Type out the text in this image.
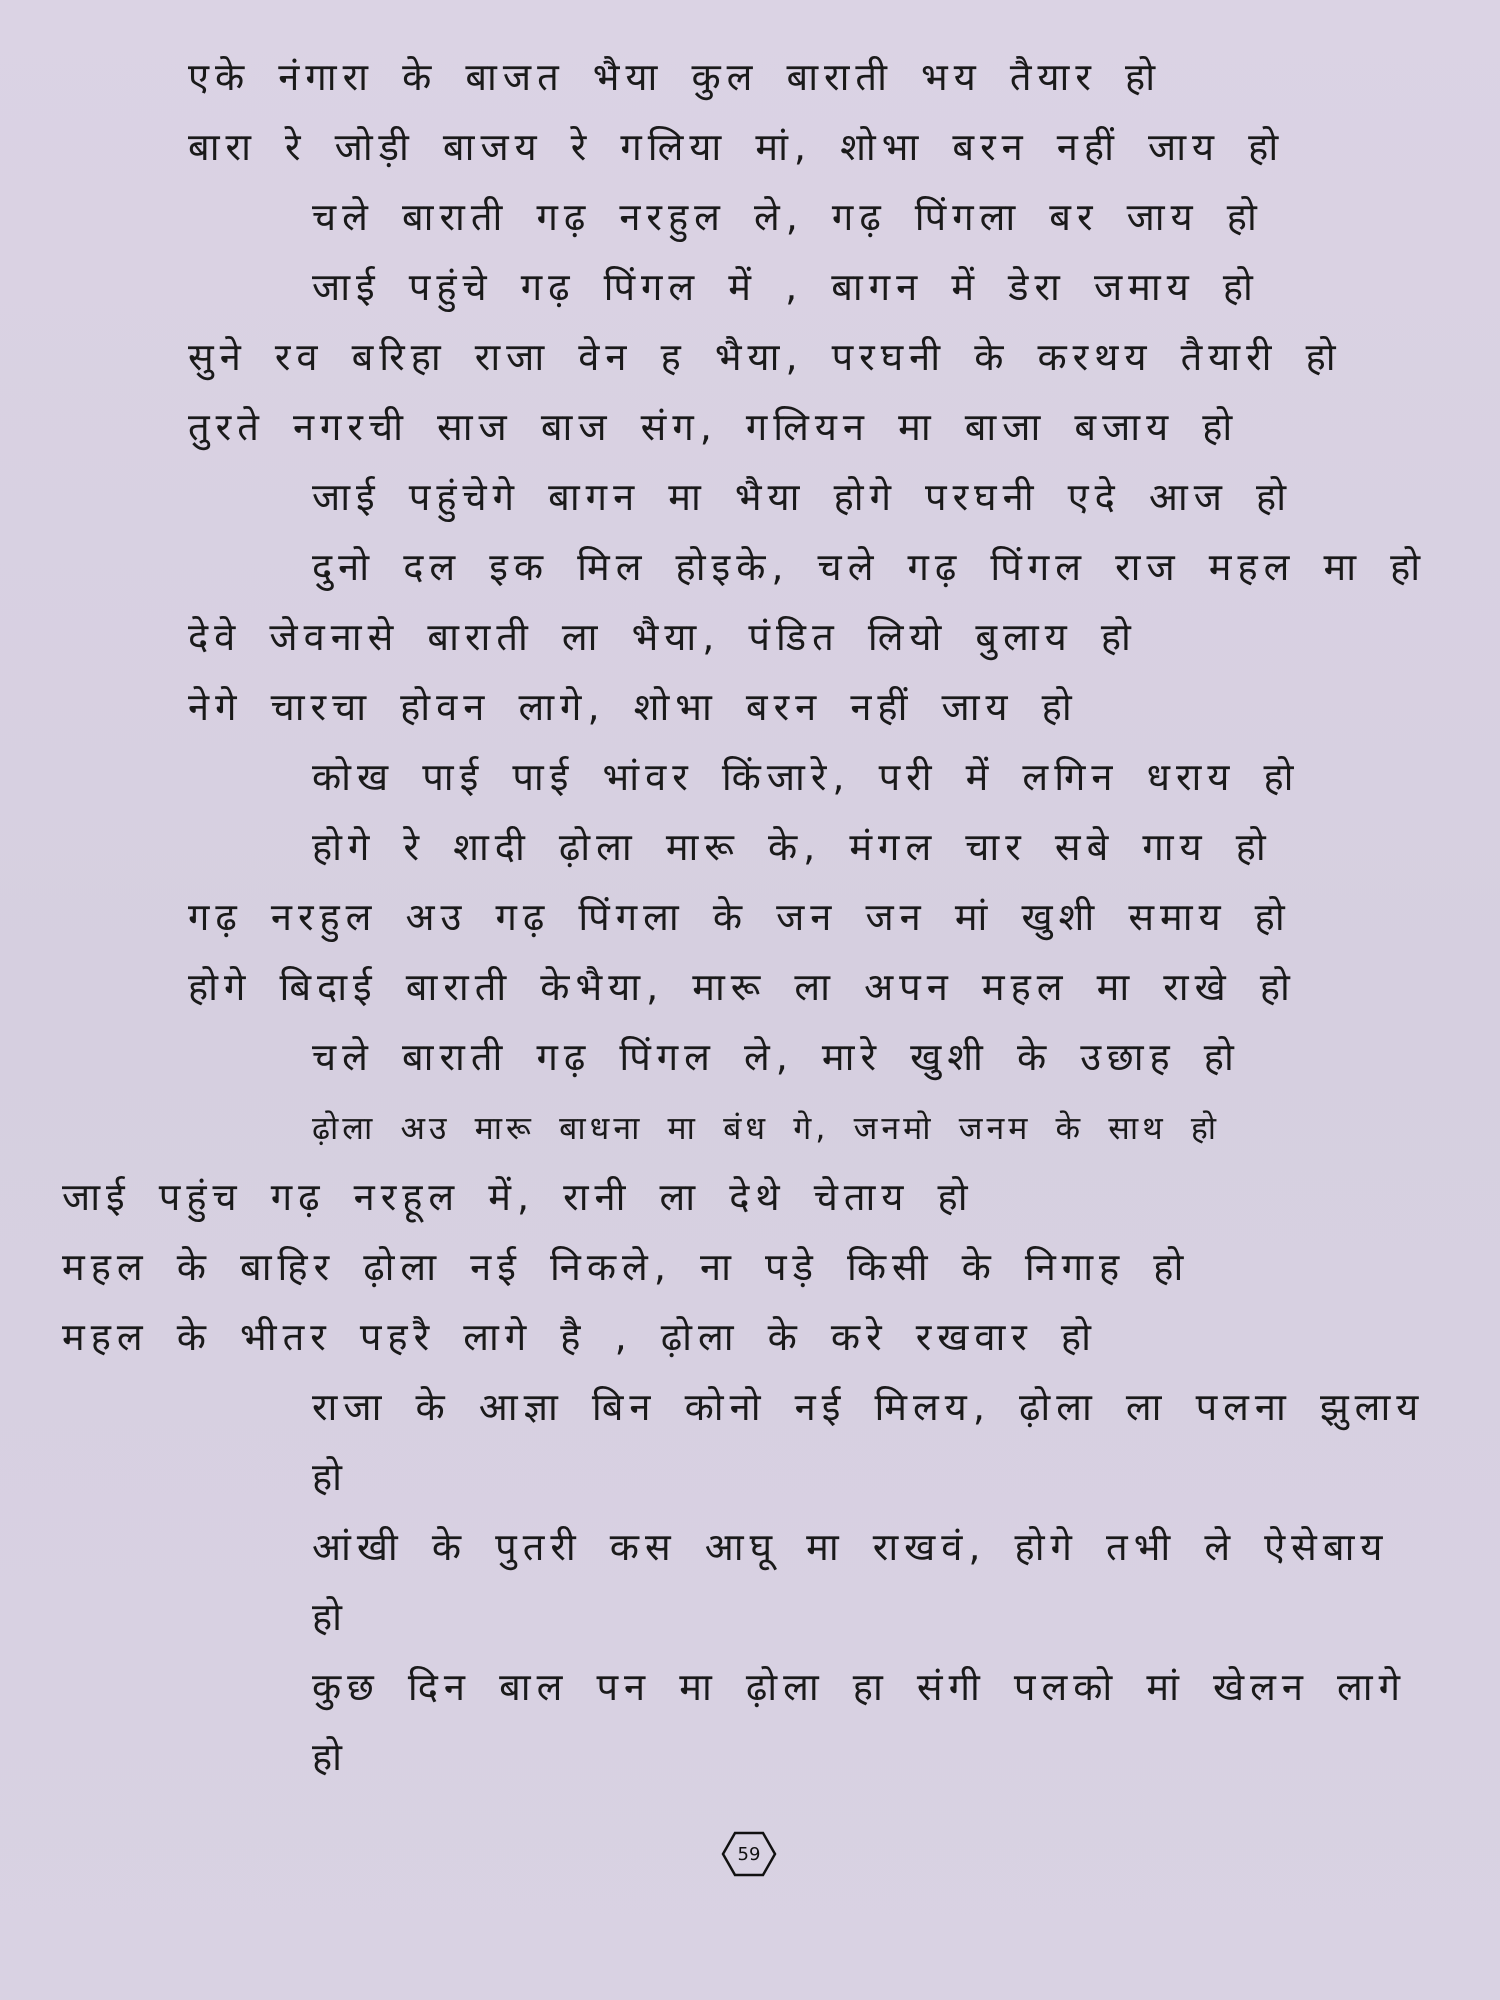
एके नंगारा के बाजत भैया कुल बाराती भय तैयार हो
बारा रे जोड़ी बाजय रे गलिया मां, शोभा बरन नहीं जाय हो
चले बाराती गढ़ नरहुल ले, गढ़ पिंगला बर जाय हो
जाई पहुंचे गढ़ पिंगल में , बागन में डेरा जमाय हो
सुने रव बरिहा राजा वेन ह भैया, परघनी के करथय तैयारी हो
तुरते नगरची साज बाज संग, गलियन मा बाजा बजाय हो
जाई पहुंचेगे बागन मा भैया होगे परघनी एदे आज हो
दुनो दल इक मिल होइके, चले गढ़ पिंगल राज महल मा हो
देवे जेवनासे बाराती ला भैया, पंडित लियो बुलाय हो
नेगे चारचा होवन लागे, शोभा बरन नहीं जाय हो
कोख पाई पाई भांवर किंजारे, परी में लगिन धराय हो
होगे रे शादी ढ़ोला मारू के, मंगल चार सबे गाय हो
गढ़ नरहुल अउ गढ़ पिंगला के जन जन मां खुशी समाय हो
होगे बिदाई बाराती केभैया, मारू ला अपन महल मा राखे हो
चले बाराती गढ़ पिंगल ले, मारे खुशी के उछाह हो
ढ़ोला अउ मारू बाधना मा बंध गे, जनमो जनम के साथ हो
जाई पहुंच गढ़ नरहूल में, रानी ला देथे चेताय हो
महल के बाहिर ढ़ोला नई निकले, ना पड़े किसी के निगाह हो
महल के भीतर पहरै लागे है , ढ़ोला के करे रखवार हो
राजा के आज्ञा बिन कोनो नई मिलय, ढ़ोला ला पलना झुलाय
हो
आंखी के पुतरी कस आघू मा राखवं, होगे तभी ले ऐसेबाय
हो
कुछ दिन बाल पन मा ढ़ोला हा संगी पलको मां खेलन लागे
हो
59
